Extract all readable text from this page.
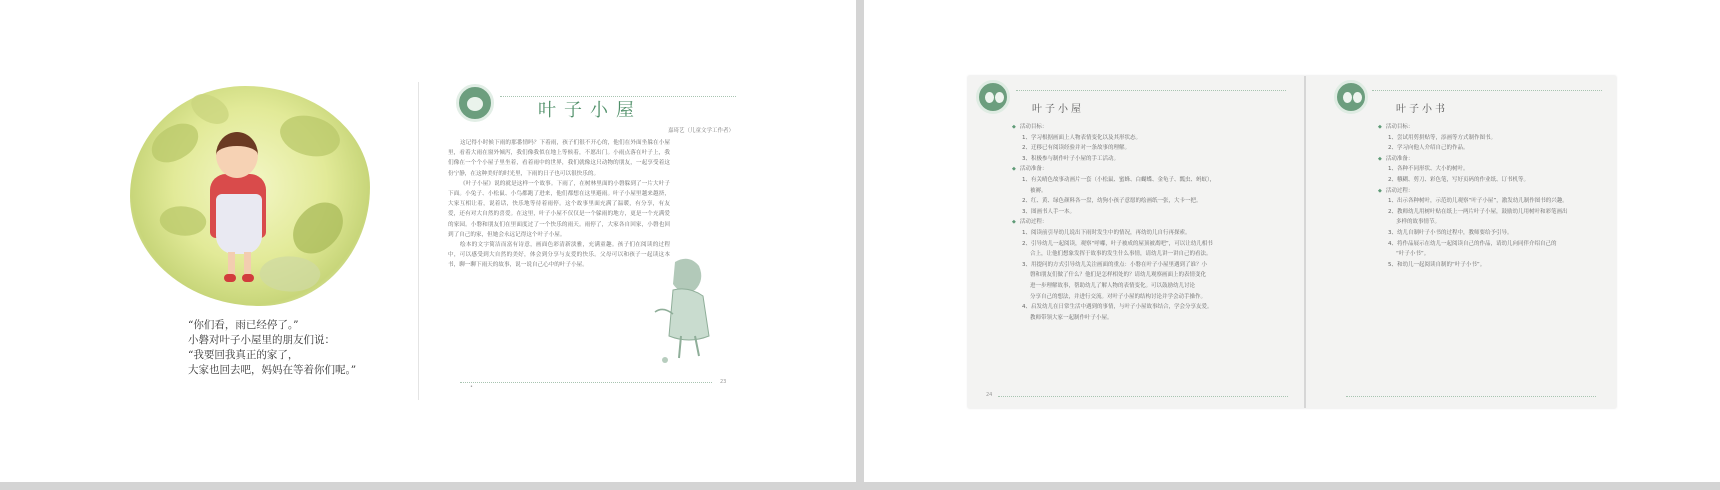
“你们看，雨已经停了。”
小磐对叶子小屋里的朋友们说：
“我要回我真正的家了，
大家也回去吧，妈妈在等着你们呢。”
叶子小屋
嘉琦艺（儿童文学工作者）

这记得小时候下雨的那番情吗？下着雨，孩子们很不开心的，他们在外面坐躲在小屋里，看着大雨在窗外倾泻，我们像我似在地上等候着，不愿出门。小雨点落在叶子上，我们像在一个个小屋子里坐着，看着雨中的世界，我们就像这只动物的朋友，一起享受着这份宁静，在这种美好的时光里，下雨的日子也可以很快乐的。

《叶子小屋》说的就是这样一个故事。下雨了，在树林里面的小磐躲到了一片大叶子下面。小兔子、小松鼠、小鸟都跑了进来，他们都想在这里避雨。叶子小屋里越来越挤，大家互相让着，说着话，快乐地等待着雨停。这个故事里面充满了温暖，有分享，有友爱，还有对大自然的喜爱。在这里，叶子小屋不仅仅是一个躲雨的地方，更是一个充满爱的家园。小磐和朋友们在里面度过了一个快乐的雨天。雨停了，大家各自回家，小磐也回到了自己的家，但她会永远记得这个叶子小屋。

绘本的文字简洁而富有诗意，画面色彩清新淡雅，充满童趣。孩子们在阅读的过程中，可以感受到大自然的美好，体会到分享与友爱的快乐。父母可以和孩子一起读这本书，聊一聊下雨天的故事，说一说自己心中的叶子小屋。

•
23
叶子小屋
◆ 活动目标：
1、学习根据画面上人物表情变化以及其形状态。
2、迁移已有阅读经验并对一条故事的理解。
3、积极参与制作叶子小屋的手工活动。
◆ 活动准备：
1、有关晴色故事动画片一套（小松鼠、蜜蜂、白蝴蝶、金龟子、瓢虫、蚂蚁），
被褥。
2、红、黄、绿色颜料各一盘，幼狗小孩子意愿的绘画纸一张，大卡一把。
3、图画书人手一本。
◆ 活动过程：
1、阅读前引导幼儿说出下雨时发生中的情况，再幼幼儿自行再探索。
2、引导幼儿一起阅读，观察“呼嘟，叶子被成的屋顶被离吧”，可以让幼儿相书
合上，让他们想象发挥于故事的发生什么事情，请幼儿讲一讲自己的看法。
3、用提问的方式引导幼儿关注画面的重点：小磐在叶子小屋里遇到了谁？小
磐和朋友们做了什么？他们是怎样相处的？请幼儿观察画面上的表情变化
进一步理解故事，帮助幼儿了解人物的表情变化。可以鼓励幼儿讨论
分享自己的想法，并进行交流。对叶子小屋的结构讨论并学会动手操作。
4、启发幼儿在日常生活中遇到的事情，与叶子小屋故事结合，学会分享友爱。
教师带领大家一起制作叶子小屋。
24
叶子小书
◆ 活动目标：
1、尝试用剪拼贴等，添画等方式制作图书。
2、学习向他人介绍自己的作品。
◆ 活动准备：
1、各种不同形状、大小的树叶。
2、糨糊、剪刀、彩色笔，写好页码的作业纸、订书机等。
◆ 活动过程：
1、出示各种树叶，示范幼儿观察“叶子小屋”，激发幼儿制作图书的兴趣。
2、教师幼儿用树叶贴在纸上一两片叶子小屋，鼓励幼儿用树叶和彩笔画出
多样的故事情节。
3、幼儿自制叶子小书的过程中，教师要给予引导。
4、将作品展示在幼儿一起阅读自己的作品，请幼儿向同伴介绍自己的
“叶子小书”。
5、和幼儿一起阅读自制的“叶子小书”。
